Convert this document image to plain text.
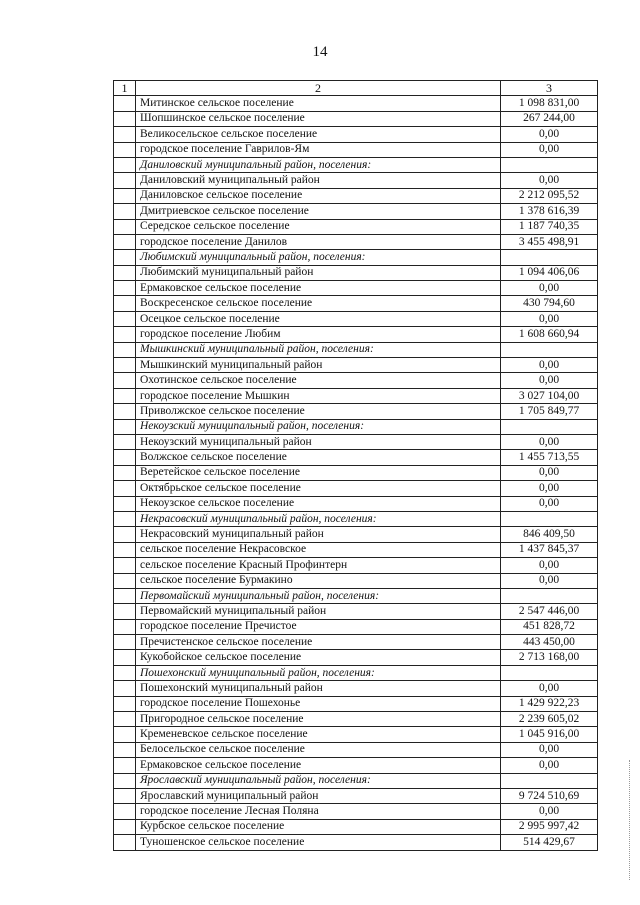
14
1	2	3
	Митинское сельское поселение	1 098 831,00
	Шопшинское сельское поселение	267 244,00
	Великосельское сельское поселение	0,00
	городское поселение Гаврилов-Ям	0,00
	Даниловский муниципальный район, поселения:	
	Даниловский муниципальный район	0,00
	Даниловское сельское поселение	2 212 095,52
	Дмитриевское сельское поселение	1 378 616,39
	Середское сельское поселение	1 187 740,35
	городское поселение Данилов	3 455 498,91
	Любимский муниципальный район, поселения:	
	Любимский муниципальный район	1 094 406,06
	Ермаковское сельское поселение	0,00
	Воскресенское сельское поселение	430 794,60
	Осецкое сельское поселение	0,00
	городское поселение Любим	1 608 660,94
	Мышкинский муниципальный район, поселения:	
	Мышкинский муниципальный район	0,00
	Охотинское сельское поселение	0,00
	городское поселение Мышкин	3 027 104,00
	Приволжское сельское поселение	1 705 849,77
	Некоузский муниципальный район, поселения:	
	Некоузский муниципальный район	0,00
	Волжское сельское поселение	1 455 713,55
	Веретейское сельское поселение	0,00
	Октябрьское сельское поселение	0,00
	Некоузское сельское поселение	0,00
	Некрасовский муниципальный район, поселения:	
	Некрасовский муниципальный район	846 409,50
	сельское поселение Некрасовское	1 437 845,37
	сельское поселение Красный Профинтерн	0,00
	сельское поселение Бурмакино	0,00
	Первомайский муниципальный район, поселения:	
	Первомайский муниципальный район	2 547 446,00
	городское поселение Пречистое	451 828,72
	Пречистенское сельское поселение	443 450,00
	Кукобойское сельское поселение	2 713 168,00
	Пошехонский муниципальный район, поселения:	
	Пошехонский муниципальный район	0,00
	городское поселение Пошехонье	1 429 922,23
	Пригородное сельское поселение	2 239 605,02
	Кременевское сельское поселение	1 045 916,00
	Белосельское сельское поселение	0,00
	Ермаковское сельское поселение	0,00
	Ярославский муниципальный район, поселения:	
	Ярославский муниципальный район	9 724 510,69
	городское поселение Лесная Поляна	0,00
	Курбское сельское поселение	2 995 997,42
	Туношенское сельское поселение	514 429,67
